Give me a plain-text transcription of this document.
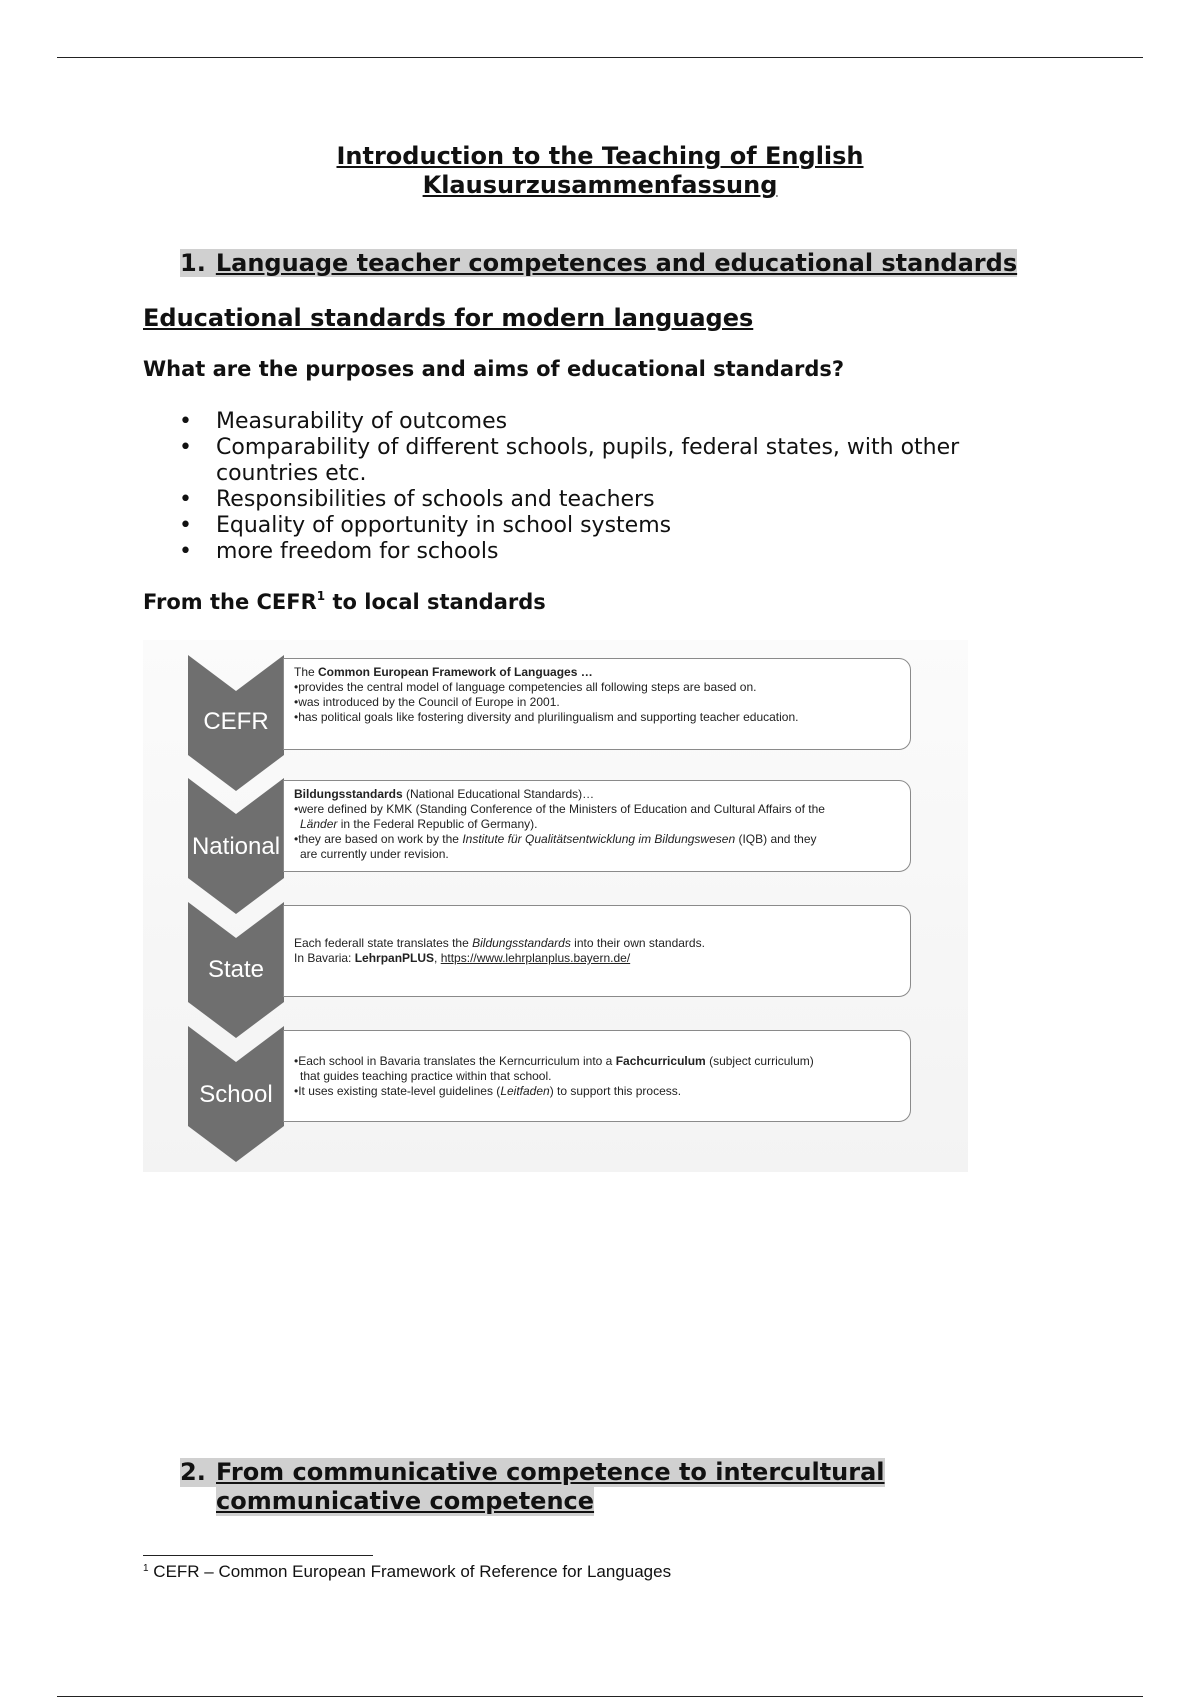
Introduction to the Teaching of English
Klausurzusammenfassung
1. Language teacher competences and educational standards
Educational standards for modern languages
What are the purposes and aims of educational standards?
• Measurability of outcomes
• Comparability of different schools, pupils, federal states, with other countries etc.
• Responsibilities of schools and teachers
• Equality of opportunity in school systems
• more freedom for schools
From the CEFR$^1$ to local standards
CEFR

The Common European Framework of Languages …

•provides the central model of language competencies all following steps are based on.

•was introduced by the Council of Europe in 2001.

•has political goals like fostering diversity and plurilingualism and supporting teacher education.

National

Bildungsstandards (National Educational Standards)…

•were defined by KMK (Standing Conference of the Ministers of Education and Cultural Affairs of the

Länder in the Federal Republic of Germany).

•they are based on work by the Institute für Qualitätsentwicklung im Bildungswesen (IQB) and they

are currently under revision.

State

Each federall state translates the Bildungsstandards into their own standards.

In Bavaria: LehrpanPLUS, https://www.lehrplanplus.bayern.de/

School

•Each school in Bavaria translates the Kerncurriculum into a Fachcurriculum (subject curriculum)

that guides teaching practice within that school.

•It uses existing state-level guidelines (Leitfaden) to support this process.

2. From communicative competence to intercultural
communicative competence
$^1$ CEFR – Common European Framework of Reference for Languages
